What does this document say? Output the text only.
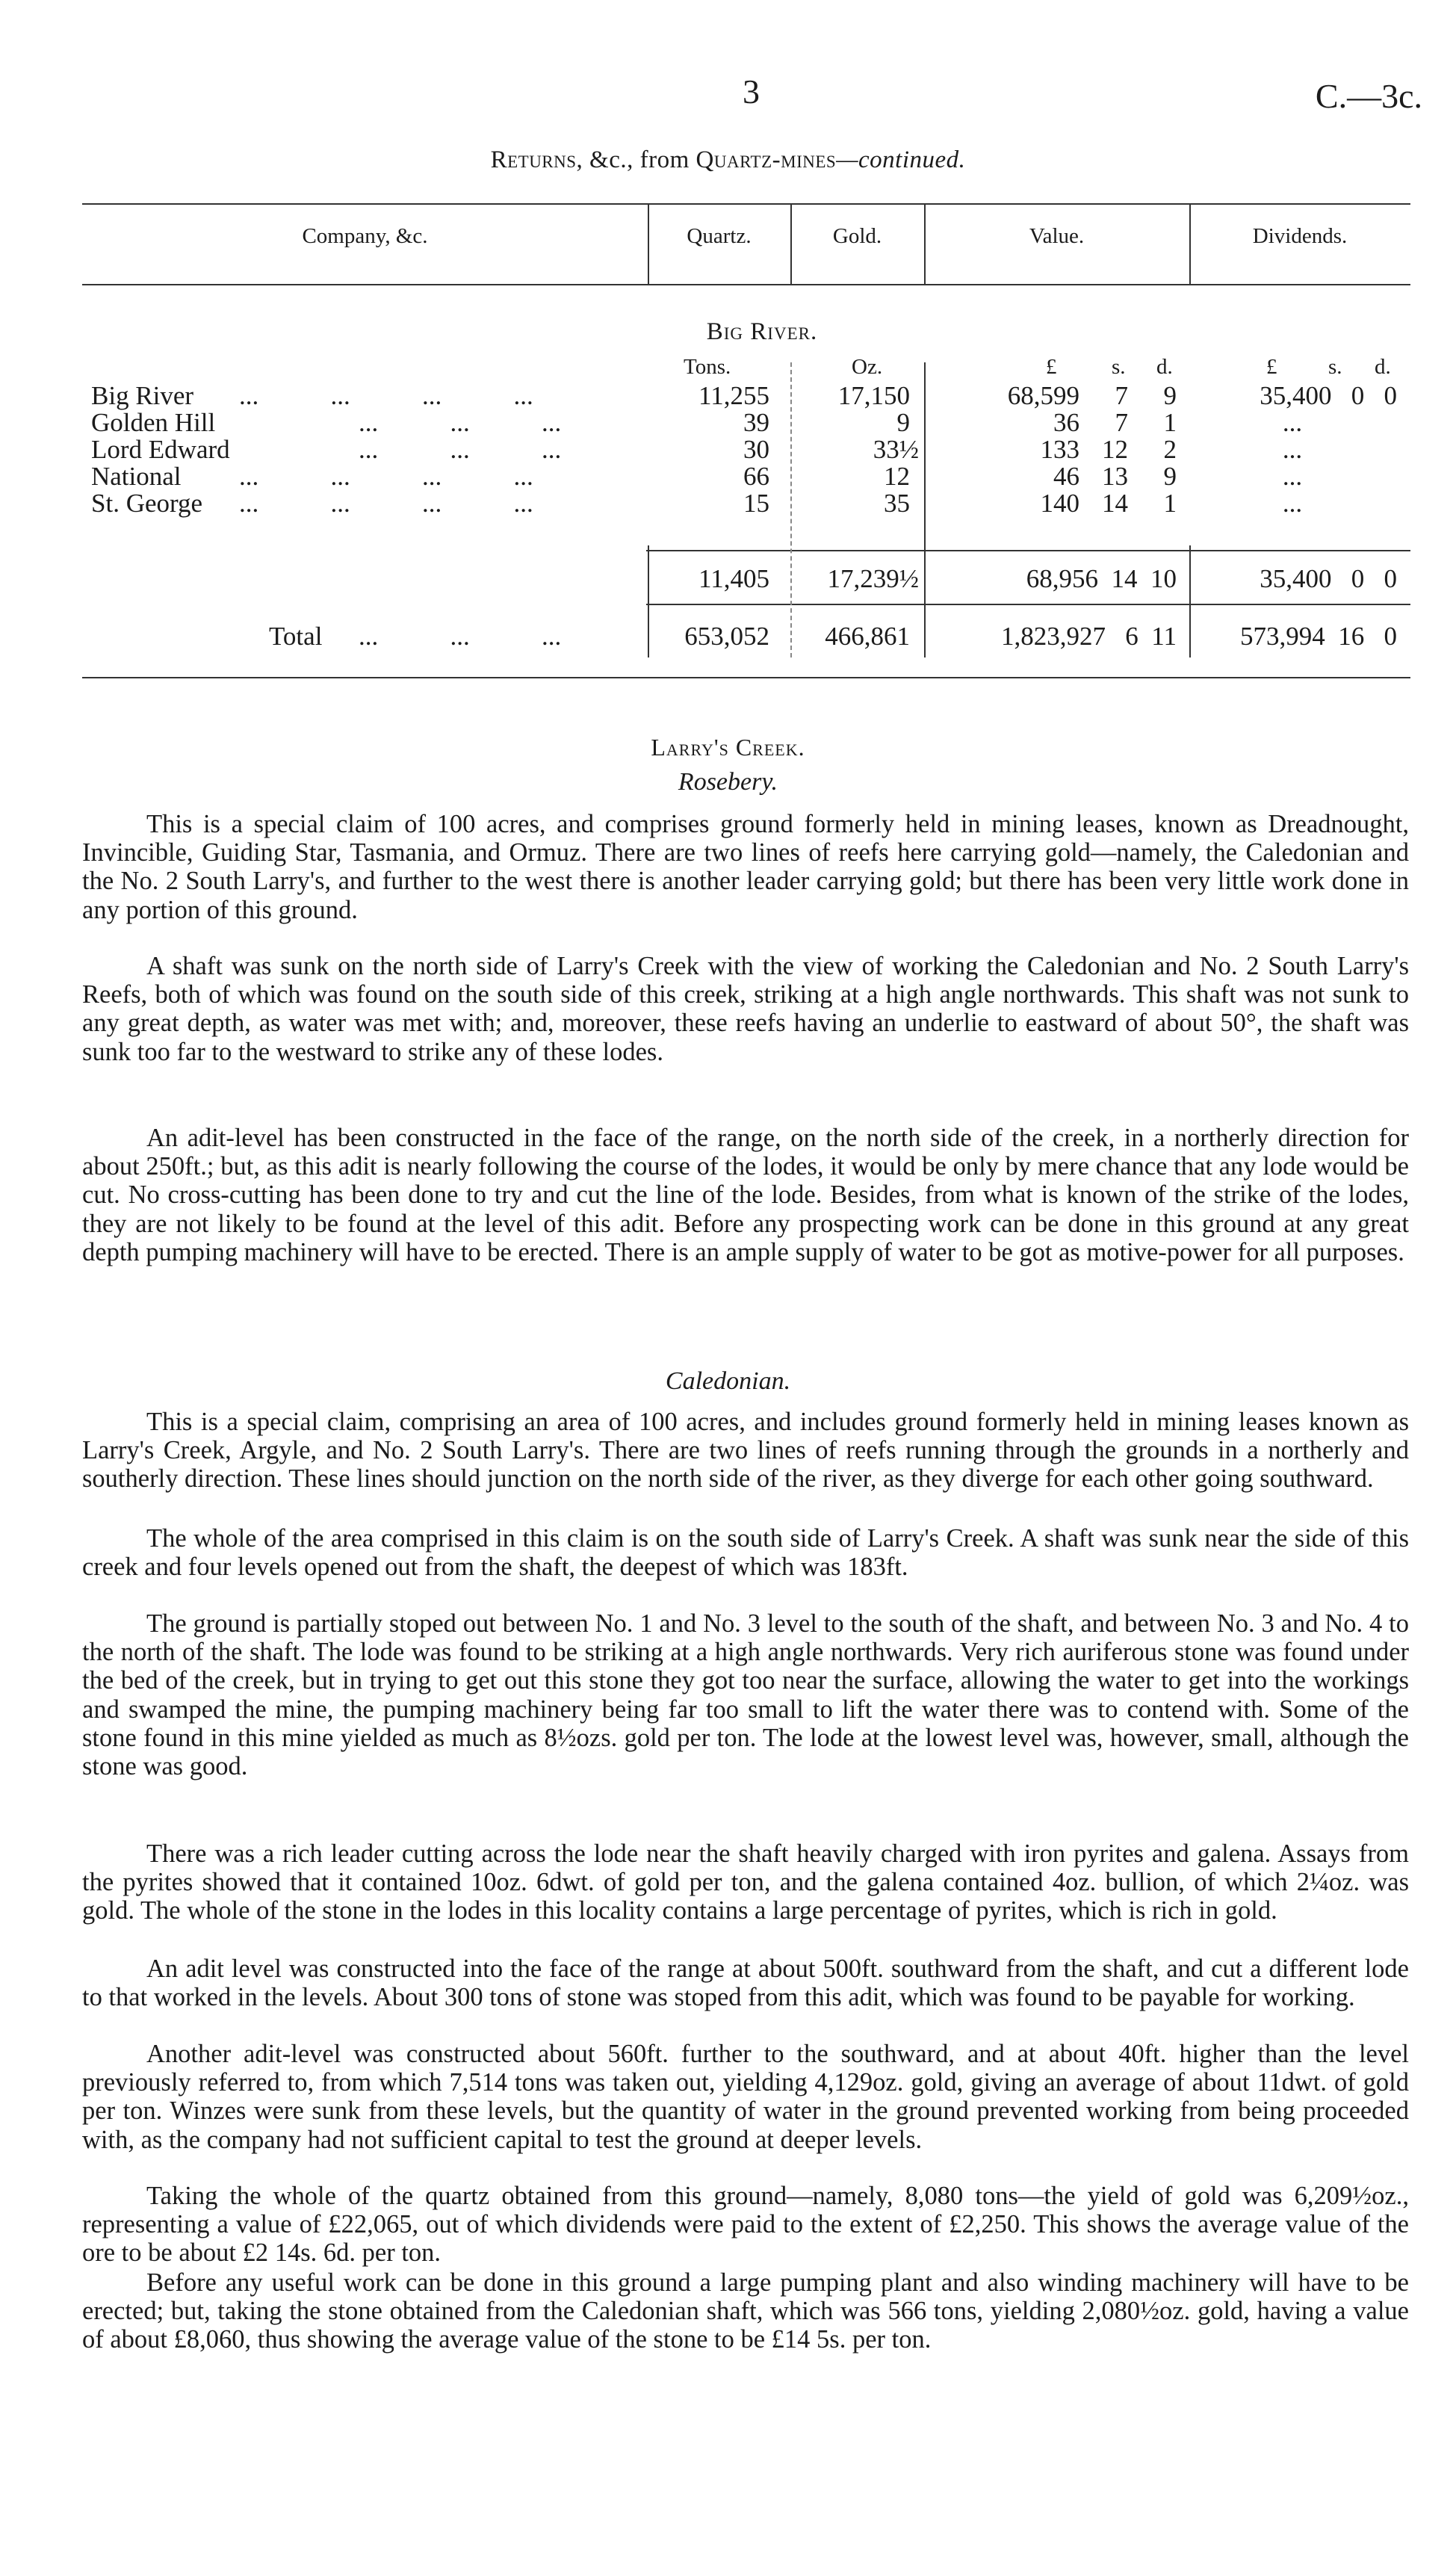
3	C.—3c.
Returns, &c., from Quartz-mines—continued.
Company, &c.	Quartz.	Gold.	Value.	Dividends.
Big River.
Tons.	Oz.	£	s. d.	£ s. d.
Big River ...           ...           ...           ...	11,255	17,150	68,599	7	9	35,400   0   0
Golden Hill	...           ...           ...	39	9	36	7	1	...
Lord Edward	...           ...           ...	30	33½	133 12	2	...
National ...           ...           ...           ...	66	12	46 13	9	...
St. George ...           ...           ...           ...	15	35	140 14	1	...
11,405	17,239½	68,956  14  10	35,400   0   0
Total ...           ...           ...	653,052	466,861	1,823,927   6  11	573,994  16   0
Larry's Creek.
Rosebery.

This is a special claim of 100 acres, and comprises ground formerly held in mining leases, known as Dreadnought, Invincible, Guiding Star, Tasmania, and Ormuz. There are two lines of reefs here carrying gold—namely, the Caledonian and the No. 2 South Larry's, and further to the west there is another leader carrying gold; but there has been very little work done in any portion of this ground.

A shaft was sunk on the north side of Larry's Creek with the view of working the Caledonian and No. 2 South Larry's Reefs, both of which was found on the south side of this creek, striking at a high angle northwards. This shaft was not sunk to any great depth, as water was met with; and, moreover, these reefs having an underlie to eastward of about 50°, the shaft was sunk too far to the westward to strike any of these lodes.

An adit-level has been constructed in the face of the range, on the north side of the creek, in a northerly direction for about 250ft.; but, as this adit is nearly following the course of the lodes, it would be only by mere chance that any lode would be cut. No cross-cutting has been done to try and cut the line of the lode. Besides, from what is known of the strike of the lodes, they are not likely to be found at the level of this adit. Before any prospecting work can be done in this ground at any great depth pumping machinery will have to be erected. There is an ample supply of water to be got as motive-power for all purposes.

Caledonian.

This is a special claim, comprising an area of 100 acres, and includes ground formerly held in mining leases known as Larry's Creek, Argyle, and No. 2 South Larry's. There are two lines of reefs running through the grounds in a northerly and southerly direction. These lines should junction on the north side of the river, as they diverge for each other going southward.

The whole of the area comprised in this claim is on the south side of Larry's Creek. A shaft was sunk near the side of this creek and four levels opened out from the shaft, the deepest of which was 183ft.

The ground is partially stoped out between No. 1 and No. 3 level to the south of the shaft, and between No. 3 and No. 4 to the north of the shaft. The lode was found to be striking at a high angle northwards. Very rich auriferous stone was found under the bed of the creek, but in trying to get out this stone they got too near the surface, allowing the water to get into the workings and swamped the mine, the pumping machinery being far too small to lift the water there was to contend with. Some of the stone found in this mine yielded as much as 8½ozs. gold per ton. The lode at the lowest level was, however, small, although the stone was good.

There was a rich leader cutting across the lode near the shaft heavily charged with iron pyrites and galena. Assays from the pyrites showed that it contained 10oz. 6dwt. of gold per ton, and the galena contained 4oz. bullion, of which 2¼oz. was gold. The whole of the stone in the lodes in this locality contains a large percentage of pyrites, which is rich in gold.

An adit level was constructed into the face of the range at about 500ft. southward from the shaft, and cut a different lode to that worked in the levels. About 300 tons of stone was stoped from this adit, which was found to be payable for working.

Another adit-level was constructed about 560ft. further to the southward, and at about 40ft. higher than the level previously referred to, from which 7,514 tons was taken out, yielding 4,129oz. gold, giving an average of about 11dwt. of gold per ton. Winzes were sunk from these levels, but the quantity of water in the ground prevented working from being proceeded with, as the company had not sufficient capital to test the ground at deeper levels.

Taking the whole of the quartz obtained from this ground—namely, 8,080 tons—the yield of gold was 6,209½oz., representing a value of £22,065, out of which dividends were paid to the extent of £2,250. This shows the average value of the ore to be about £2 14s. 6d. per ton.

Before any useful work can be done in this ground a large pumping plant and also winding machinery will have to be erected; but, taking the stone obtained from the Caledonian shaft, which was 566 tons, yielding 2,080½oz. gold, having a value of about £8,060, thus showing the average value of the stone to be £14 5s. per ton.
